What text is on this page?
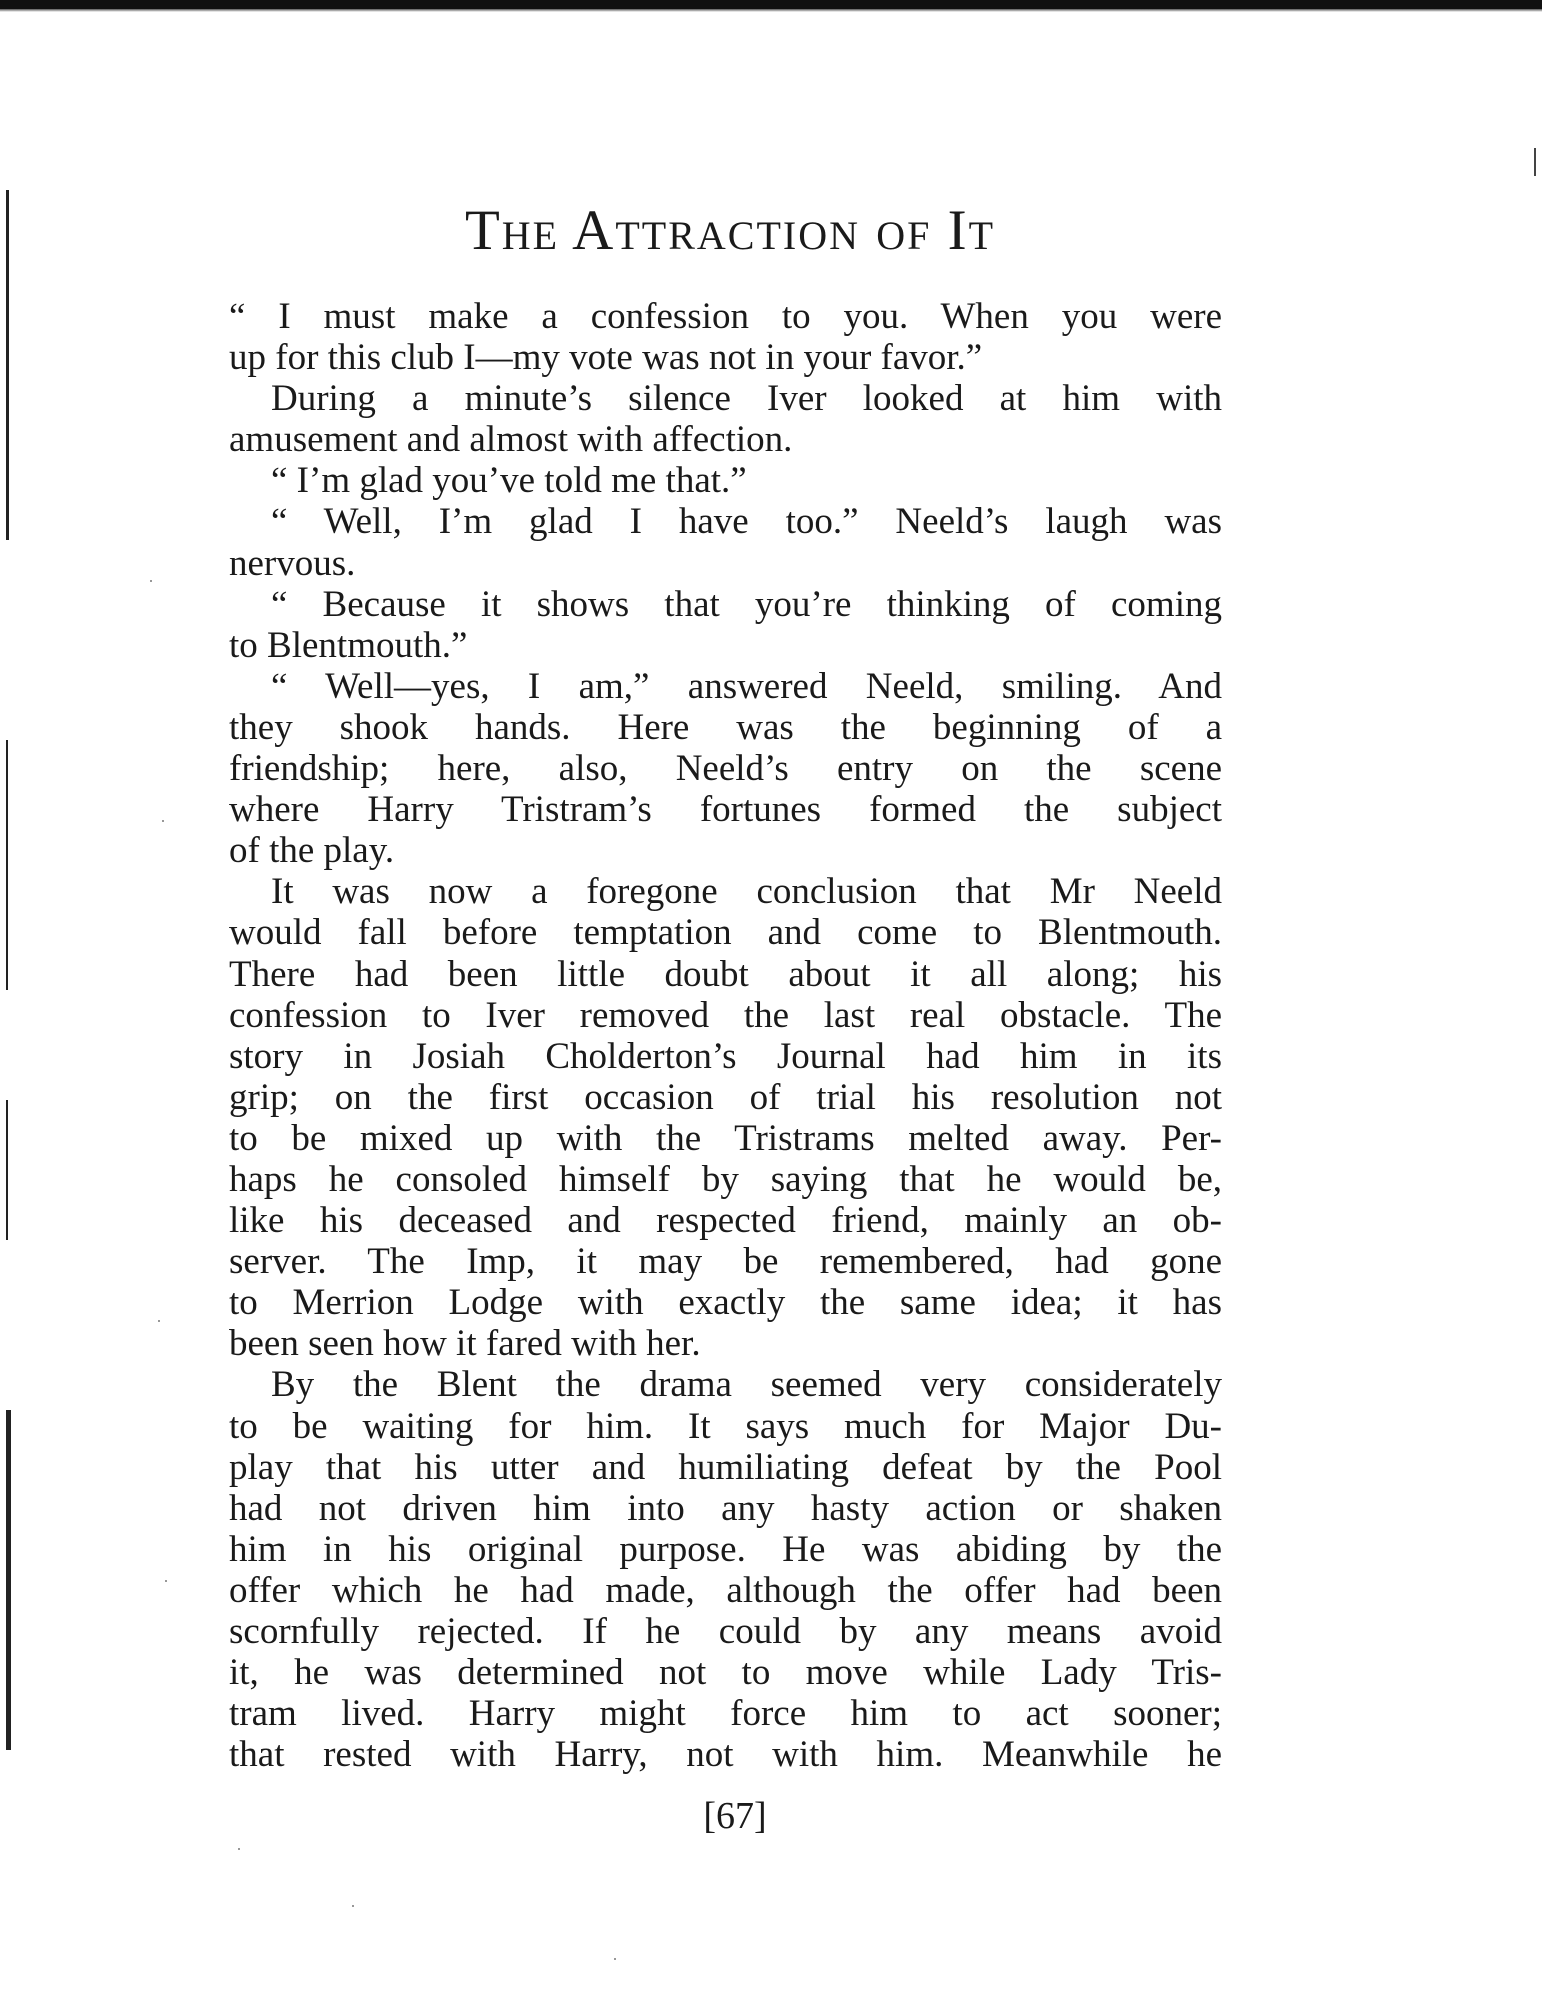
The Attraction of It
“ I must make a confession to you. When you were
up for this club I—my vote was not in your favor.”
During a minute’s silence Iver looked at him with
amusement and almost with affection.
“ I’m glad you’ve told me that.”
“ Well, I’m glad I have too.” Neeld’s laugh was
nervous.
“ Because it shows that you’re thinking of coming
to Blentmouth.”
“ Well—yes, I am,” answered Neeld, smiling. And
they shook hands. Here was the beginning of a
friendship; here, also, Neeld’s entry on the scene
where Harry Tristram’s fortunes formed the subject
of the play.
It was now a foregone conclusion that Mr Neeld
would fall before temptation and come to Blentmouth.
There had been little doubt about it all along; his
confession to Iver removed the last real obstacle. The
story in Josiah Cholderton’s Journal had him in its
grip; on the first occasion of trial his resolution not
to be mixed up with the Tristrams melted away. Per-
haps he consoled himself by saying that he would be,
like his deceased and respected friend, mainly an ob-
server. The Imp, it may be remembered, had gone
to Merrion Lodge with exactly the same idea; it has
been seen how it fared with her.
By the Blent the drama seemed very considerately
to be waiting for him. It says much for Major Du-
play that his utter and humiliating defeat by the Pool
had not driven him into any hasty action or shaken
him in his original purpose. He was abiding by the
offer which he had made, although the offer had been
scornfully rejected. If he could by any means avoid
it, he was determined not to move while Lady Tris-
tram lived. Harry might force him to act sooner;
that rested with Harry, not with him. Meanwhile he
[67]
